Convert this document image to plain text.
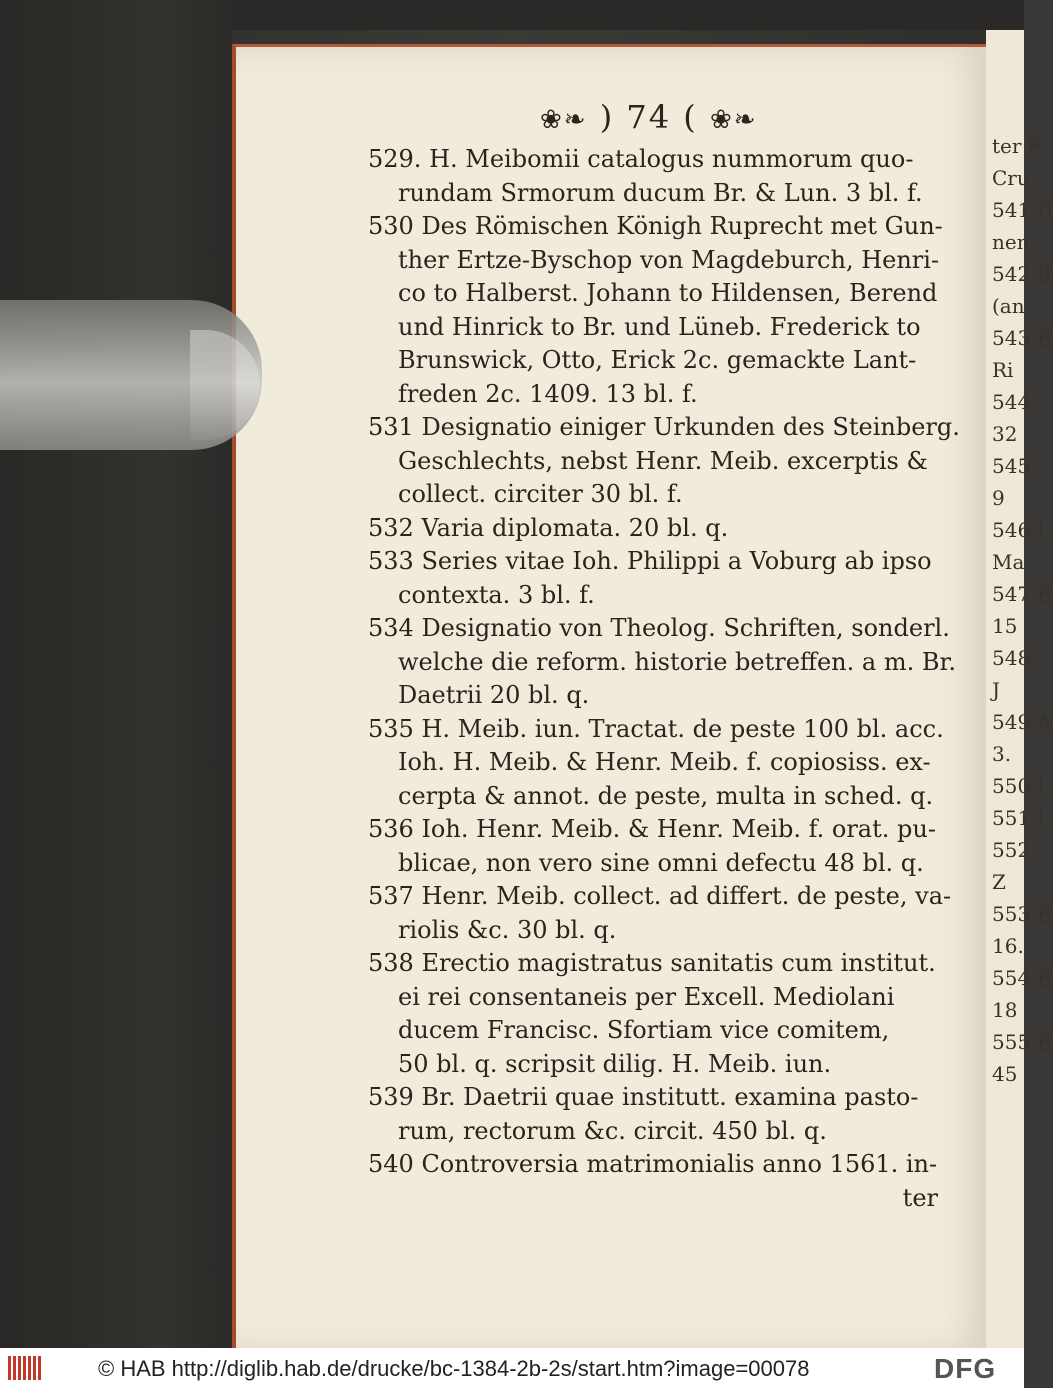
❀❧ ) 74 ( ❀❧
529. H. Meibomii catalogus nummorum quo-
rundam Srmorum ducum Br. & Lun. 3 bl. f.
530 Des Römischen Königh Ruprecht met Gun-
ther Ertze-Byschop von Magdeburch, Henri-
co to Halberst. Johann to Hildensen, Berend
und Hinrick to Br. und Lüneb. Frederick to
Brunswick, Otto, Erick 2c. gemackte Lant-
freden 2c. 1409. 13 bl. f.
531 Designatio einiger Urkunden des Steinberg.
Geschlechts, nebst Henr. Meib. excerptis &
collect. circiter 30 bl. f.
532 Varia diplomata. 20 bl. q.
533 Series vitae Ioh. Philippi a Voburg ab ipso
contexta. 3 bl. f.
534 Designatio von Theolog. Schriften, sonderl.
welche die reform. historie betreffen. a m. Br.
Daetrii 20 bl. q.
535 H. Meib. iun. Tractat. de peste 100 bl. acc.
Ioh. H. Meib. & Henr. Meib. f. copiosiss. ex-
cerpta & annot. de peste, multa in sched. q.
536 Ioh. Henr. Meib. & Henr. Meib. f. orat. pu-
blicae, non vero sine omni defectu 48 bl. q.
537 Henr. Meib. collect. ad differt. de peste, va-
riolis &c. 30 bl. q.
538 Erectio magistratus sanitatis cum institut.
ei rei consentaneis per Excell. Mediolani
ducem Francisc. Sfortiam vice comitem,
50 bl. q. scripsit dilig. H. Meib. iun.
539 Br. Daetrii quae institutt. examina pasto-
rum, rectorum &c. circit. 450 bl. q.
540 Controversia matrimonialis anno 1561. in-
ter
ter F
Cru
541 D
nen
542 B
(an
543 E
Ri
544
32
545
9
546 I
Ma
547 E
15
548
J
549 A
3.
550 I
551 I
552
Z
553 E
16.
554 E
18
555 E
45
© HAB http://diglib.hab.de/drucke/bc-1384-2b-2s/start.htm?image=00078	DFG
